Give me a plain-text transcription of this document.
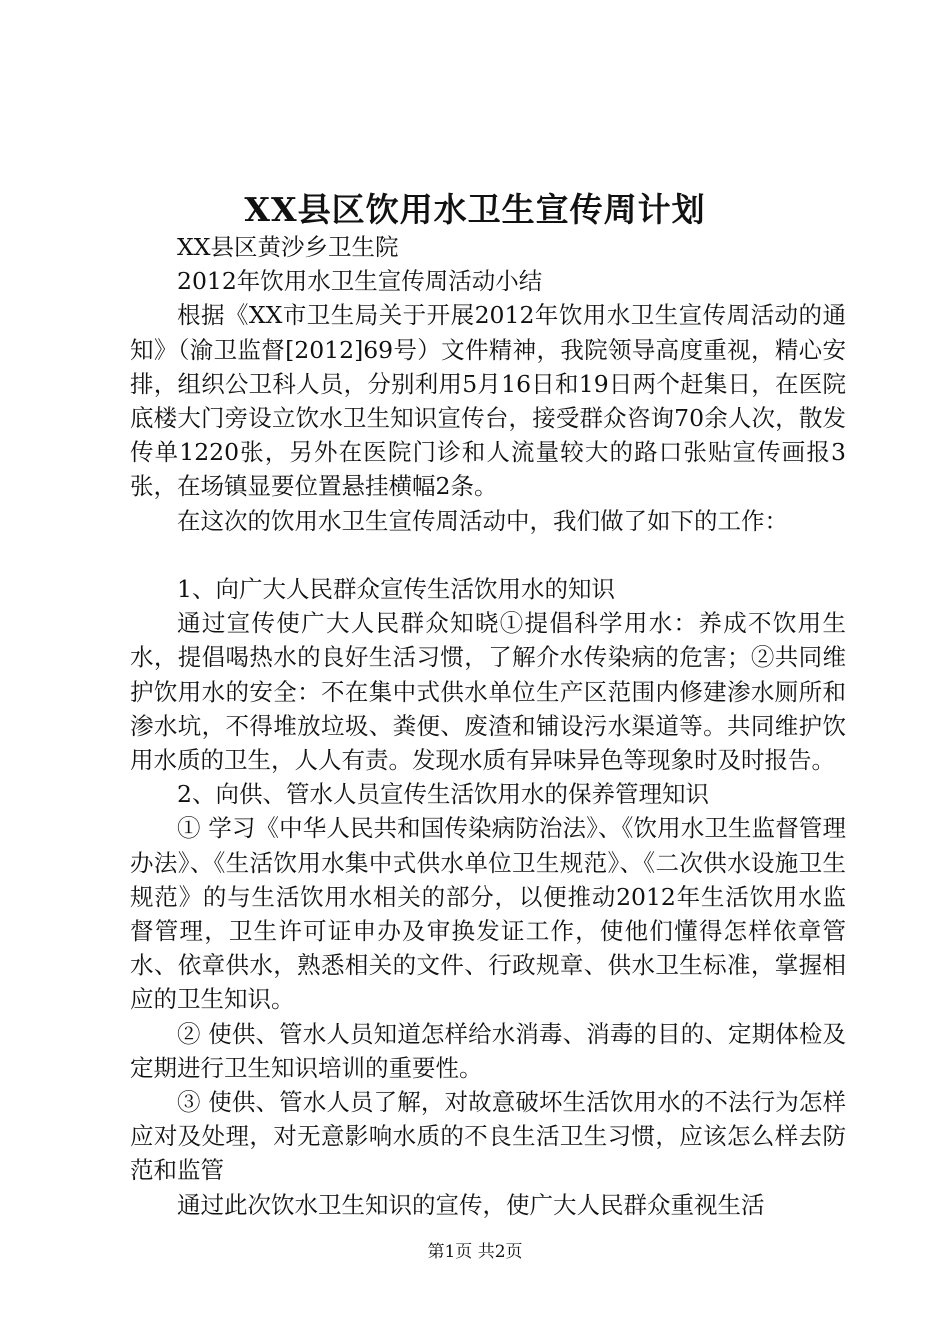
XX县区饮用水卫生宣传周计划

XX县区黄沙乡卫生院

2012年饮用水卫生宣传周活动小结

根据《XX市卫生局关于开展2012年饮用水卫生宣传周活动的通知》（渝卫监督[2012]69号）文件精神，我院领导高度重视，精心安排，组织公卫科人员，分别利用5月16日和19日两个赶集日，在医院底楼大门旁设立饮水卫生知识宣传台，接受群众咨询70余人次，散发传单1220张，另外在医院门诊和人流量较大的路口张贴宣传画报3张，在场镇显要位置悬挂横幅2条。

在这次的饮用水卫生宣传周活动中，我们做了如下的工作：

1、向广大人民群众宣传生活饮用水的知识

通过宣传使广大人民群众知晓①提倡科学用水：养成不饮用生水，提倡喝热水的良好生活习惯，了解介水传染病的危害；②共同维护饮用水的安全：不在集中式供水单位生产区范围内修建渗水厕所和渗水坑，不得堆放垃圾、粪便、废渣和铺设污水渠道等。共同维护饮用水质的卫生，人人有责。发现水质有异味异色等现象时及时报告。

2、向供、管水人员宣传生活饮用水的保养管理知识

① 学习《中华人民共和国传染病防治法》、《饮用水卫生监督管理办法》、《生活饮用水集中式供水单位卫生规范》、《二次供水设施卫生规范》的与生活饮用水相关的部分，以便推动2012年生活饮用水监督管理，卫生许可证申办及审换发证工作，使他们懂得怎样依章管水、依章供水，熟悉相关的文件、行政规章、供水卫生标准，掌握相应的卫生知识。

② 使供、管水人员知道怎样给水消毒、消毒的目的、定期体检及定期进行卫生知识培训的重要性。

③ 使供、管水人员了解，对故意破坏生活饮用水的不法行为怎样应对及处理，对无意影响水质的不良生活卫生习惯，应该怎么样去防范和监管

通过此次饮水卫生知识的宣传，使广大人民群众重视生活

第1页 共2页
